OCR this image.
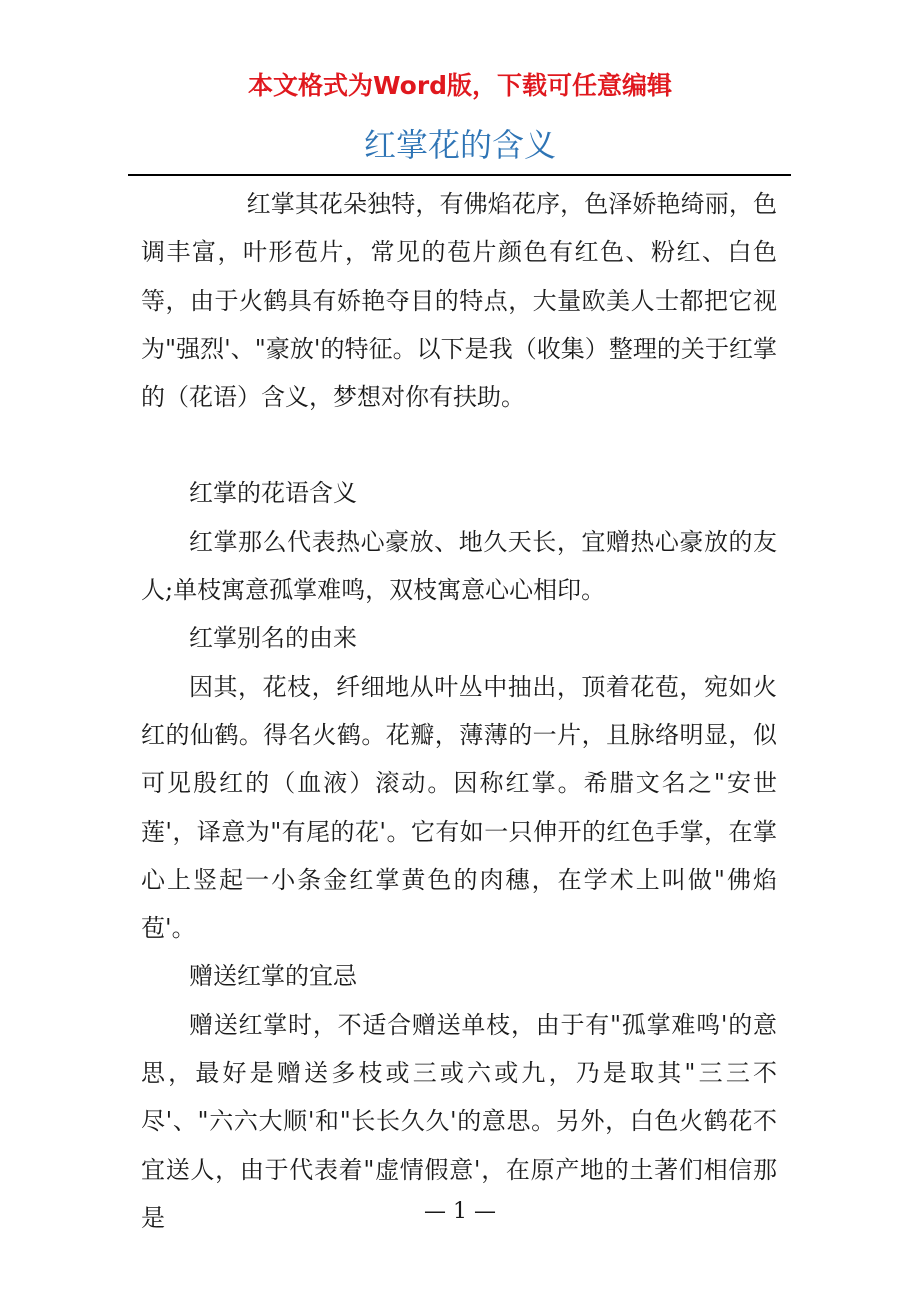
本文格式为Word版，下载可任意编辑
红掌花的含义

红掌其花朵独特，有佛焰花序，色泽娇艳绮丽，色调丰富，叶形苞片，常见的苞片颜色有红色、粉红、白色等，由于火鹤具有娇艳夺目的特点，大量欧美人士都把它视为"强烈'、"豪放'的特征。以下是我（收集）整理的关于红掌的（花语）含义，梦想对你有扶助。

红掌的花语含义

红掌那么代表热心豪放、地久天长，宜赠热心豪放的友人;单枝寓意孤掌难鸣，双枝寓意心心相印。

红掌别名的由来

因其，花枝，纤细地从叶丛中抽出，顶着花苞，宛如火红的仙鹤。得名火鹤。花瓣，薄薄的一片，且脉络明显，似可见殷红的（血液）滚动。因称红掌。希腊文名之"安世莲'，译意为"有尾的花'。它有如一只伸开的红色手掌，在掌心上竖起一小条金红掌黄色的肉穗，在学术上叫做"佛焰苞'。

赠送红掌的宜忌

赠送红掌时，不适合赠送单枝，由于有"孤掌难鸣'的意思，最好是赠送多枝或三或六或九，乃是取其"三三不尽'、"六六大顺'和"长长久久'的意思。另外，白色火鹤花不宜送人，由于代表着"虚情假意'，在原产地的土著们相信那是	— 1 —
